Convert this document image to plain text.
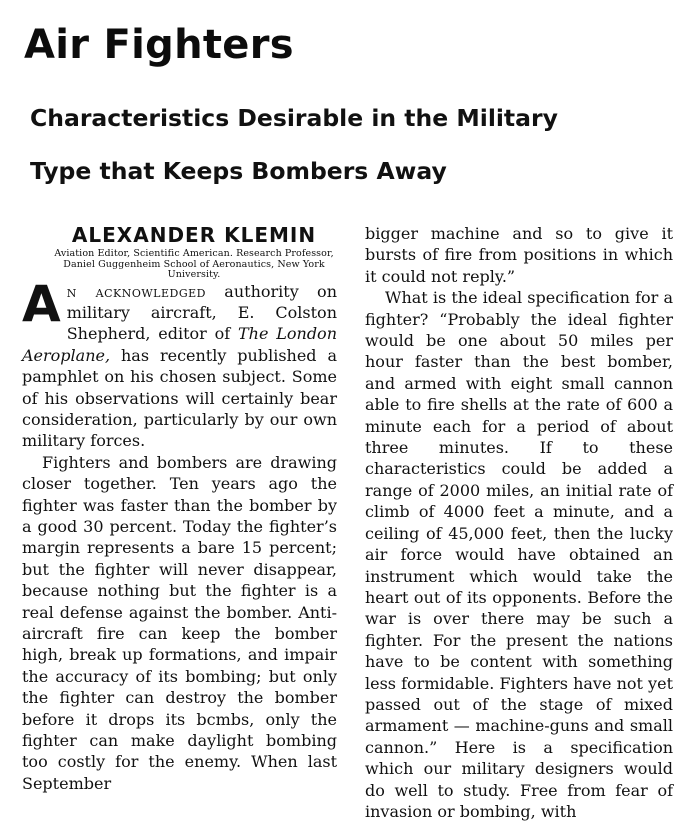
Air Fighters
Characteristics Desirable in the Military
Type that Keeps Bombers Away
ALEXANDER KLEMIN
Aviation Editor, Scientific American. Research Professor, Daniel Guggenheim School of Aeronautics, New York University.

An acknowledged authority on military aircraft, E. Colston Shepherd, editor of The London Aeroplane, has recently published a pamphlet on his chosen subject. Some of his observations will certainly bear consideration, particularly by our own military forces.

Fighters and bombers are drawing closer together. Ten years ago the fighter was faster than the bomber by a good 30 percent. Today the fighter’s margin represents a bare 15 percent; but the fighter will never disappear, because nothing but the fighter is a real defense against the bomber. Anti-aircraft fire can keep the bomber high, break up formations, and impair the accuracy of its bombing; but only the fighter can destroy the bomber before it drops its bcmbs, only the fighter can make daylight bombing too costly for the enemy. When last September

bigger machine and so to give it bursts of fire from positions in which it could not reply.”

What is the ideal specification for a fighter? “Probably the ideal fighter would be one about 50 miles per hour faster than the best bomber, and armed with eight small cannon able to fire shells at the rate of 600 a minute each for a period of about three minutes. If to these characteristics could be added a range of 2000 miles, an initial rate of climb of 4000 feet a minute, and a ceiling of 45,000 feet, then the lucky air force would have obtained an instrument which would take the heart out of its opponents. Before the war is over there may be such a fighter. For the present the nations have to be content with something less formidable. Fighters have not yet passed out of the stage of mixed armament — machine-guns and small cannon.” Here is a specification which our military designers would do well to study. Free from fear of invasion or bombing, with
